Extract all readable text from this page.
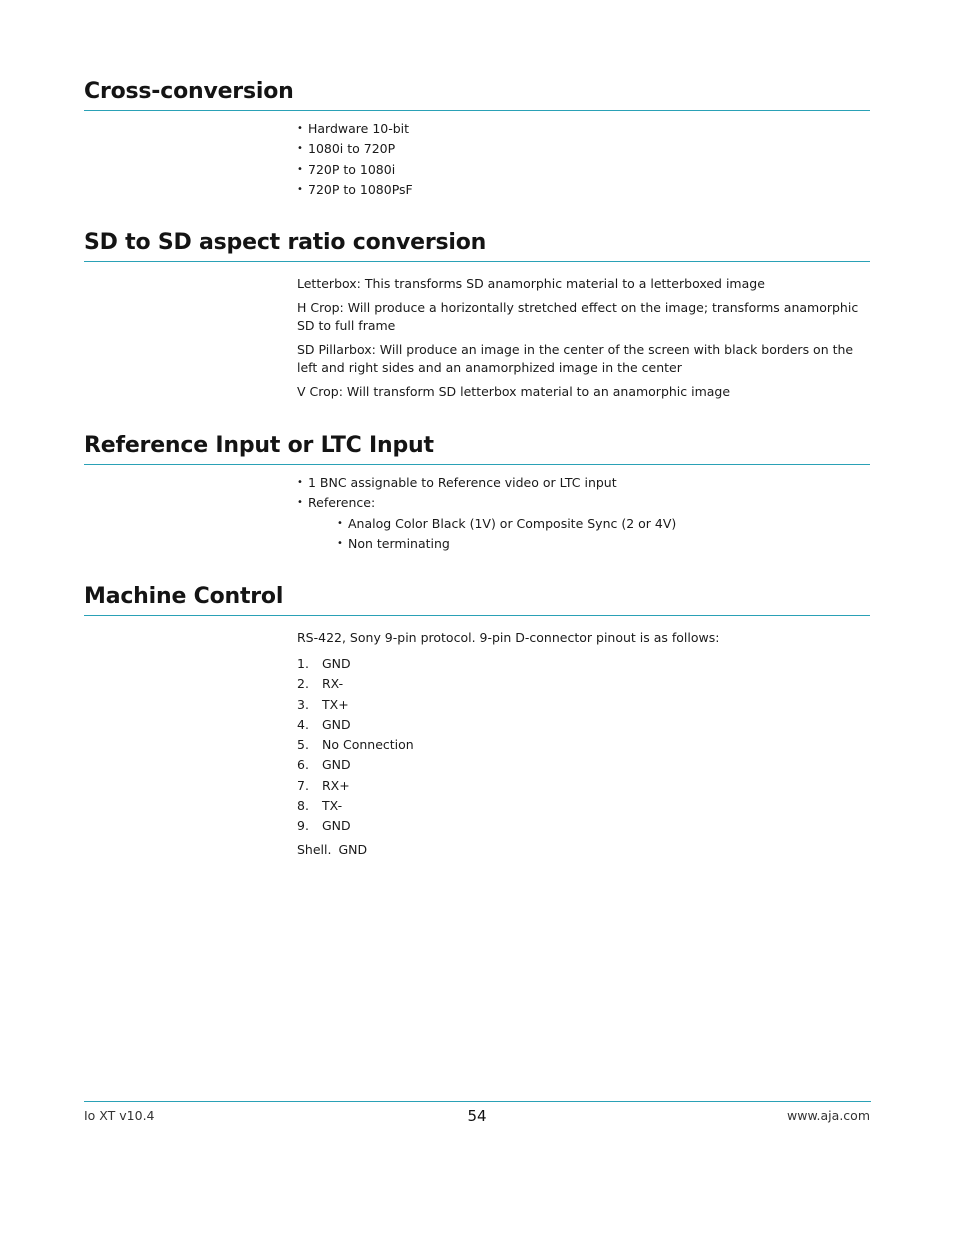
Cross-conversion
• Hardware 10-bit
• 1080i to 720P
• 720P to 1080i
• 720P to 1080PsF
SD to SD aspect ratio conversion

Letterbox: This transforms SD anamorphic material to a letterboxed image

H Crop: Will produce a horizontally stretched effect on the image; transforms anamorphic SD to full frame

SD Pillarbox: Will produce an image in the center of the screen with black borders on the left and right sides and an anamorphized image in the center

V Crop: Will transform SD letterbox material to an anamorphic image

Reference Input or LTC Input
• 1 BNC assignable to Reference video or LTC input
• Reference:
• Analog Color Black (1V) or Composite Sync (2 or 4V)
• Non terminating
Machine Control

RS-422, Sony 9-pin protocol. 9-pin D-connector pinout is as follows:

1. GND
2. RX-
3. TX+
4. GND
5. No Connection
6. GND
7. RX+
8. TX-
9. GND
Shell. GND
Io XT v10.4	54	www.aja.com
